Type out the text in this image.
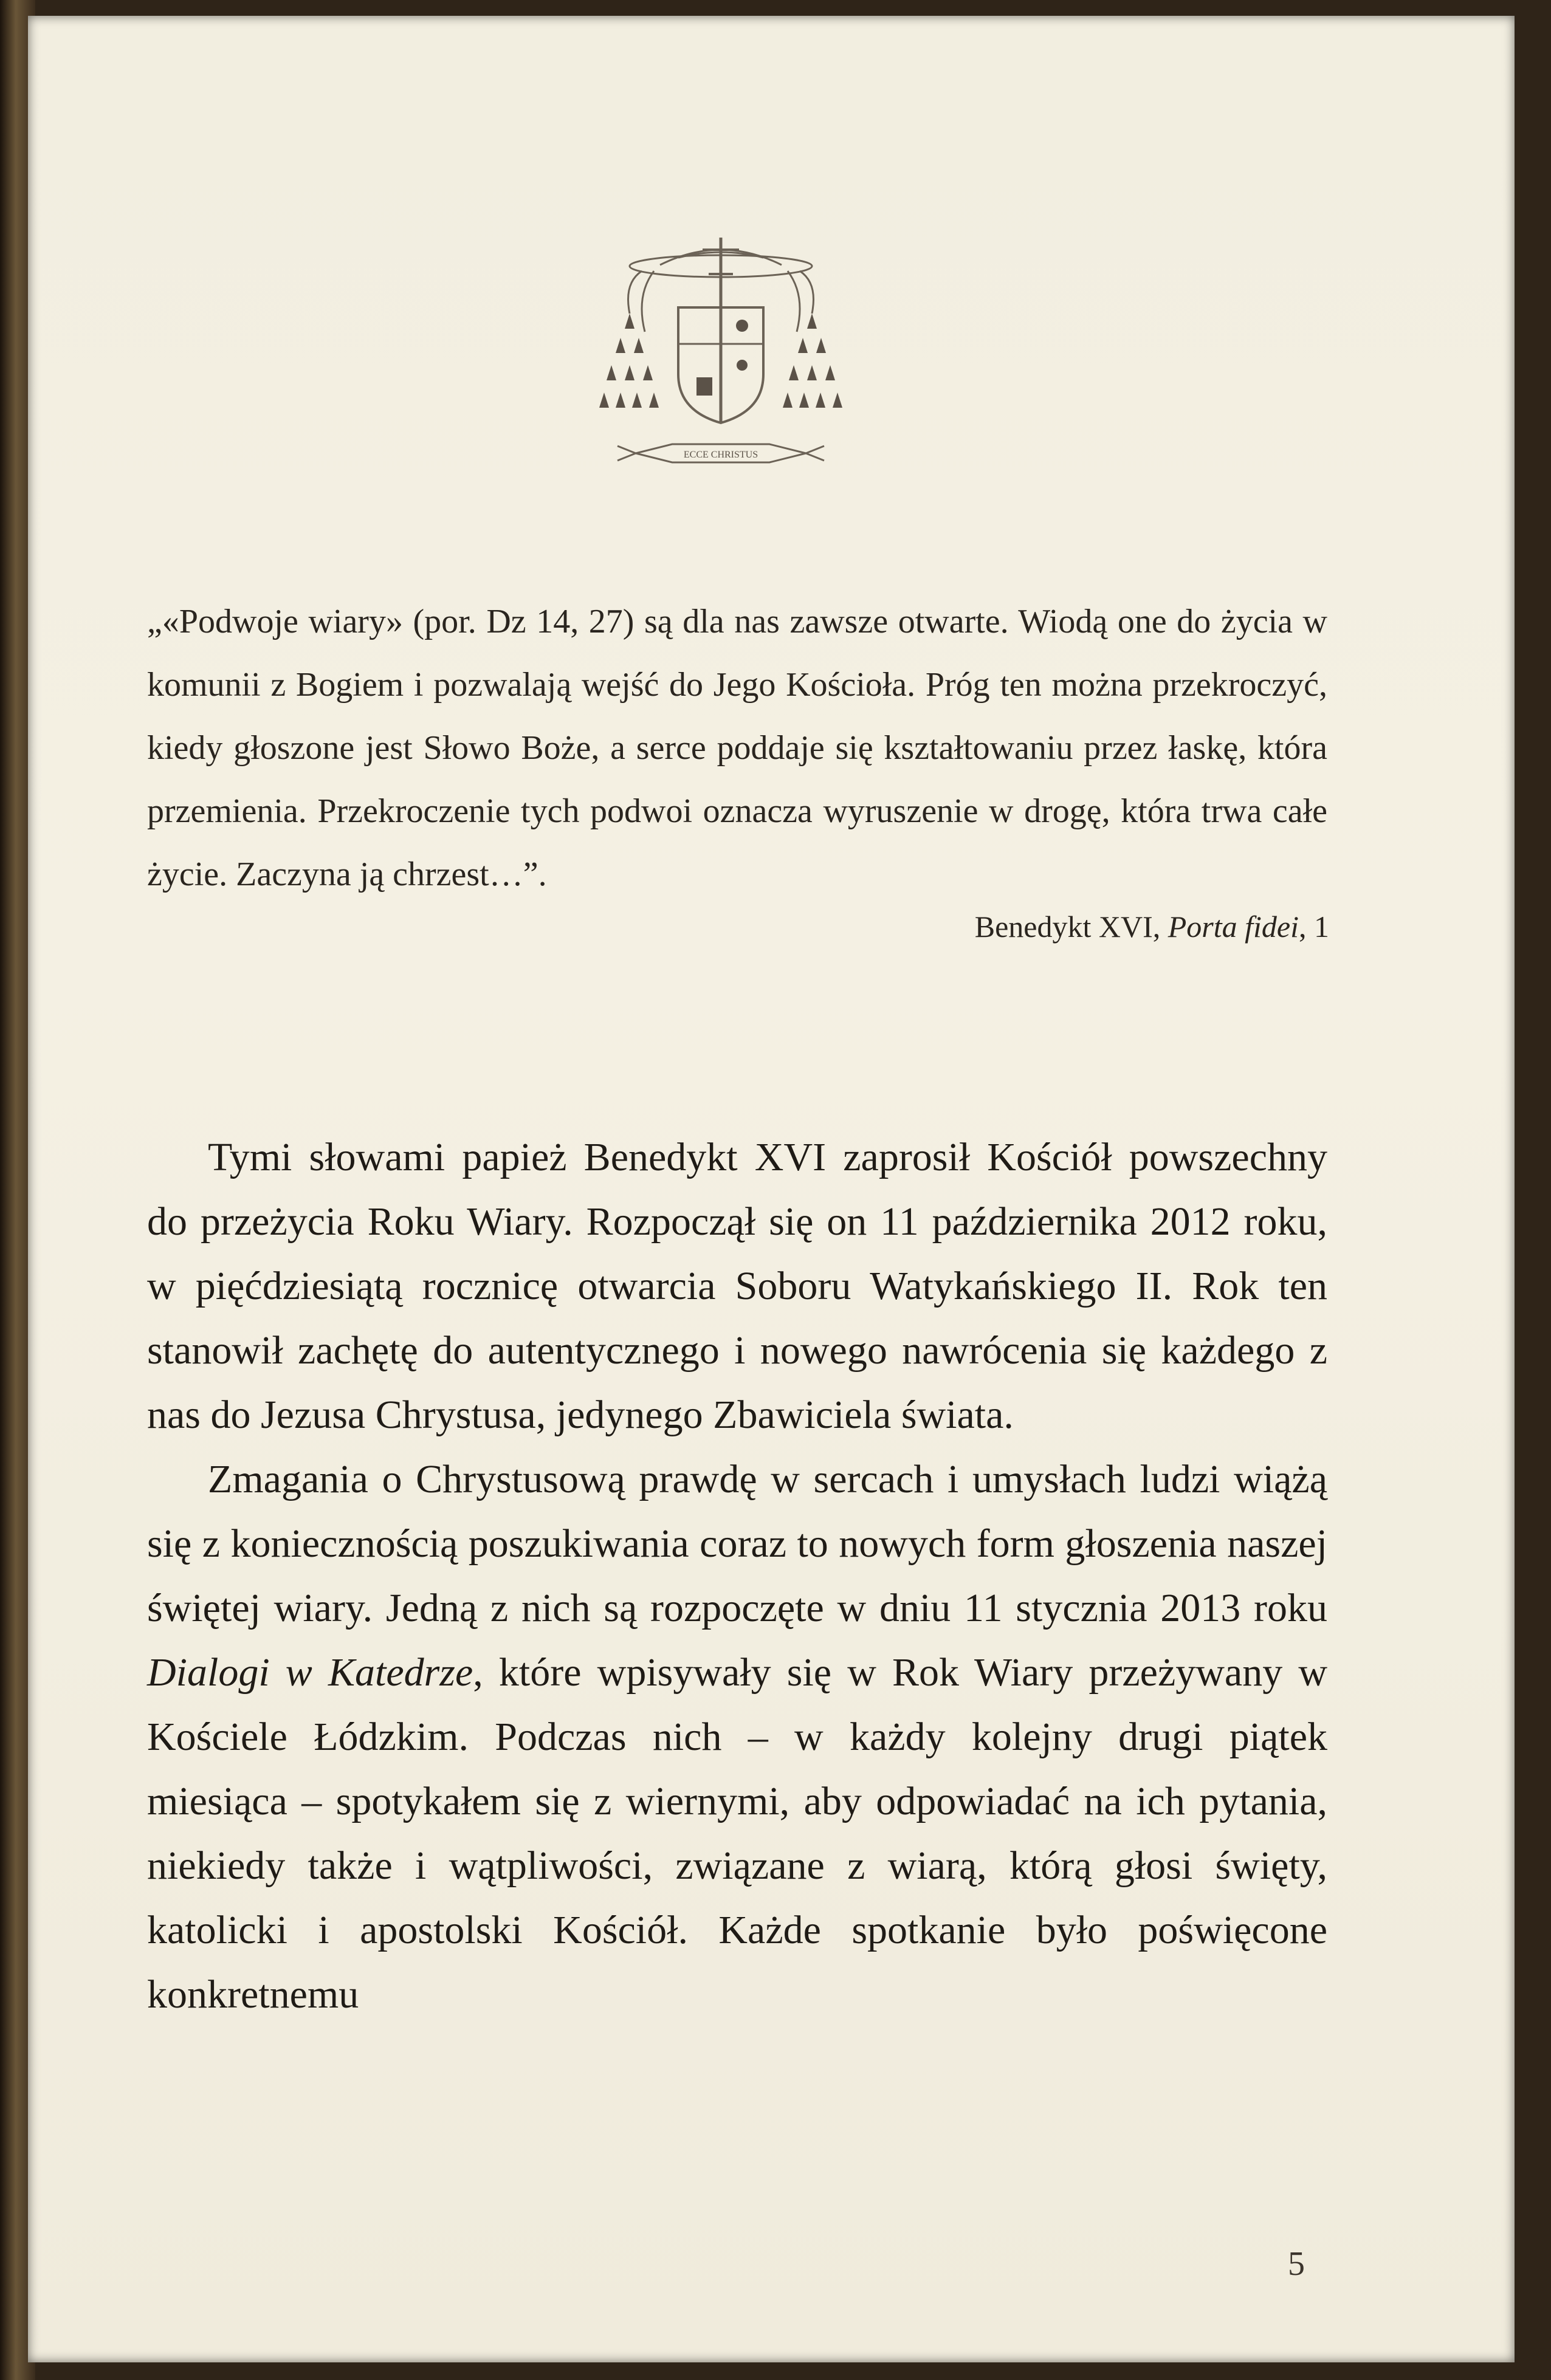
ECCE CHRISTUS
„«Podwoje wiary» (por. Dz 14, 27) są dla nas zawsze otwarte. Wiodą one do życia w komunii z Bogiem i pozwalają wejść do Jego Kościoła. Próg ten można przekroczyć, kiedy głoszone jest Słowo Boże, a serce poddaje się kształtowaniu przez łaskę, która przemienia. Przekroczenie tych podwoi oznacza wyruszenie w drogę, która trwa całe życie. Zaczyna ją chrzest…”.
Benedykt XVI, Porta fidei, 1

Tymi słowami papież Benedykt XVI zaprosił Kościół powszechny do przeżycia Roku Wiary. Rozpoczął się on 11 października 2012 roku, w pięćdziesiątą rocznicę otwarcia Soboru Watykańskiego II. Rok ten stanowił zachętę do autentycznego i nowego nawrócenia się każdego z nas do Jezusa Chrystusa, jedynego Zbawiciela świata.

Zmagania o Chrystusową prawdę w sercach i umysłach ludzi wiążą się z koniecznością poszukiwania coraz to nowych form głoszenia naszej świętej wiary. Jedną z nich są rozpoczęte w dniu 11 stycznia 2013 roku Dialogi w Katedrze, które wpisywały się w Rok Wiary przeżywany w Kościele Łódzkim. Podczas nich – w każdy kolejny drugi piątek miesiąca – spotykałem się z wiernymi, aby odpowiadać na ich pytania, niekiedy także i wątpliwości, związane z wiarą, którą głosi święty, katolicki i apostolski Kościół. Każde spotkanie było poświęcone konkretnemu

5
